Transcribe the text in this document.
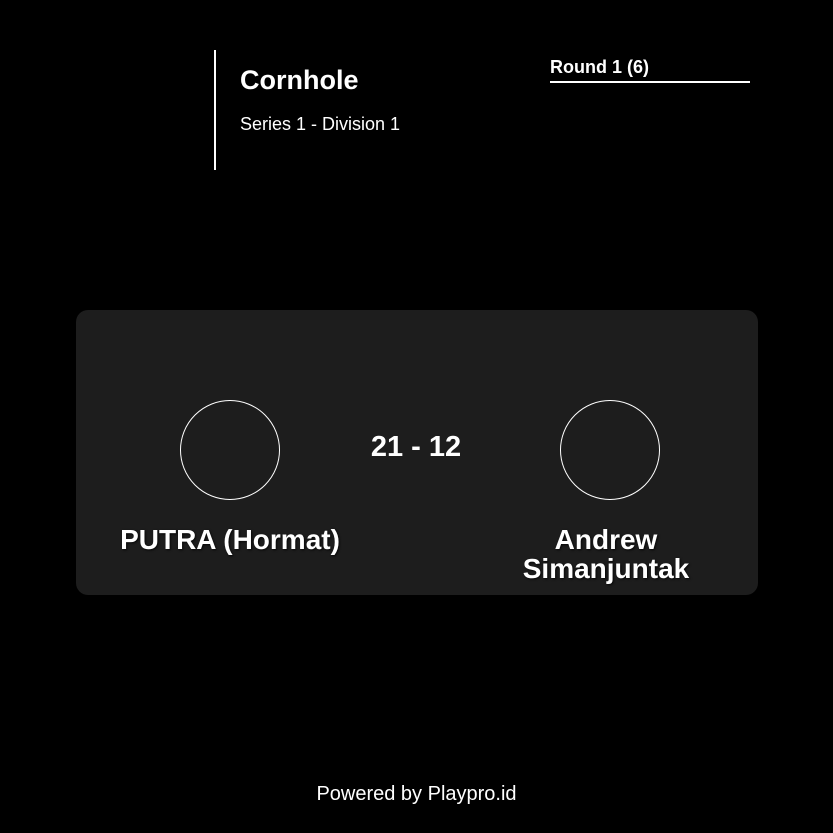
Cornhole
Series 1 - Division 1
Round 1 (6)
21 - 12
PUTRA (Hormat)	Andrew
Simanjuntak
Powered by Playpro.id
